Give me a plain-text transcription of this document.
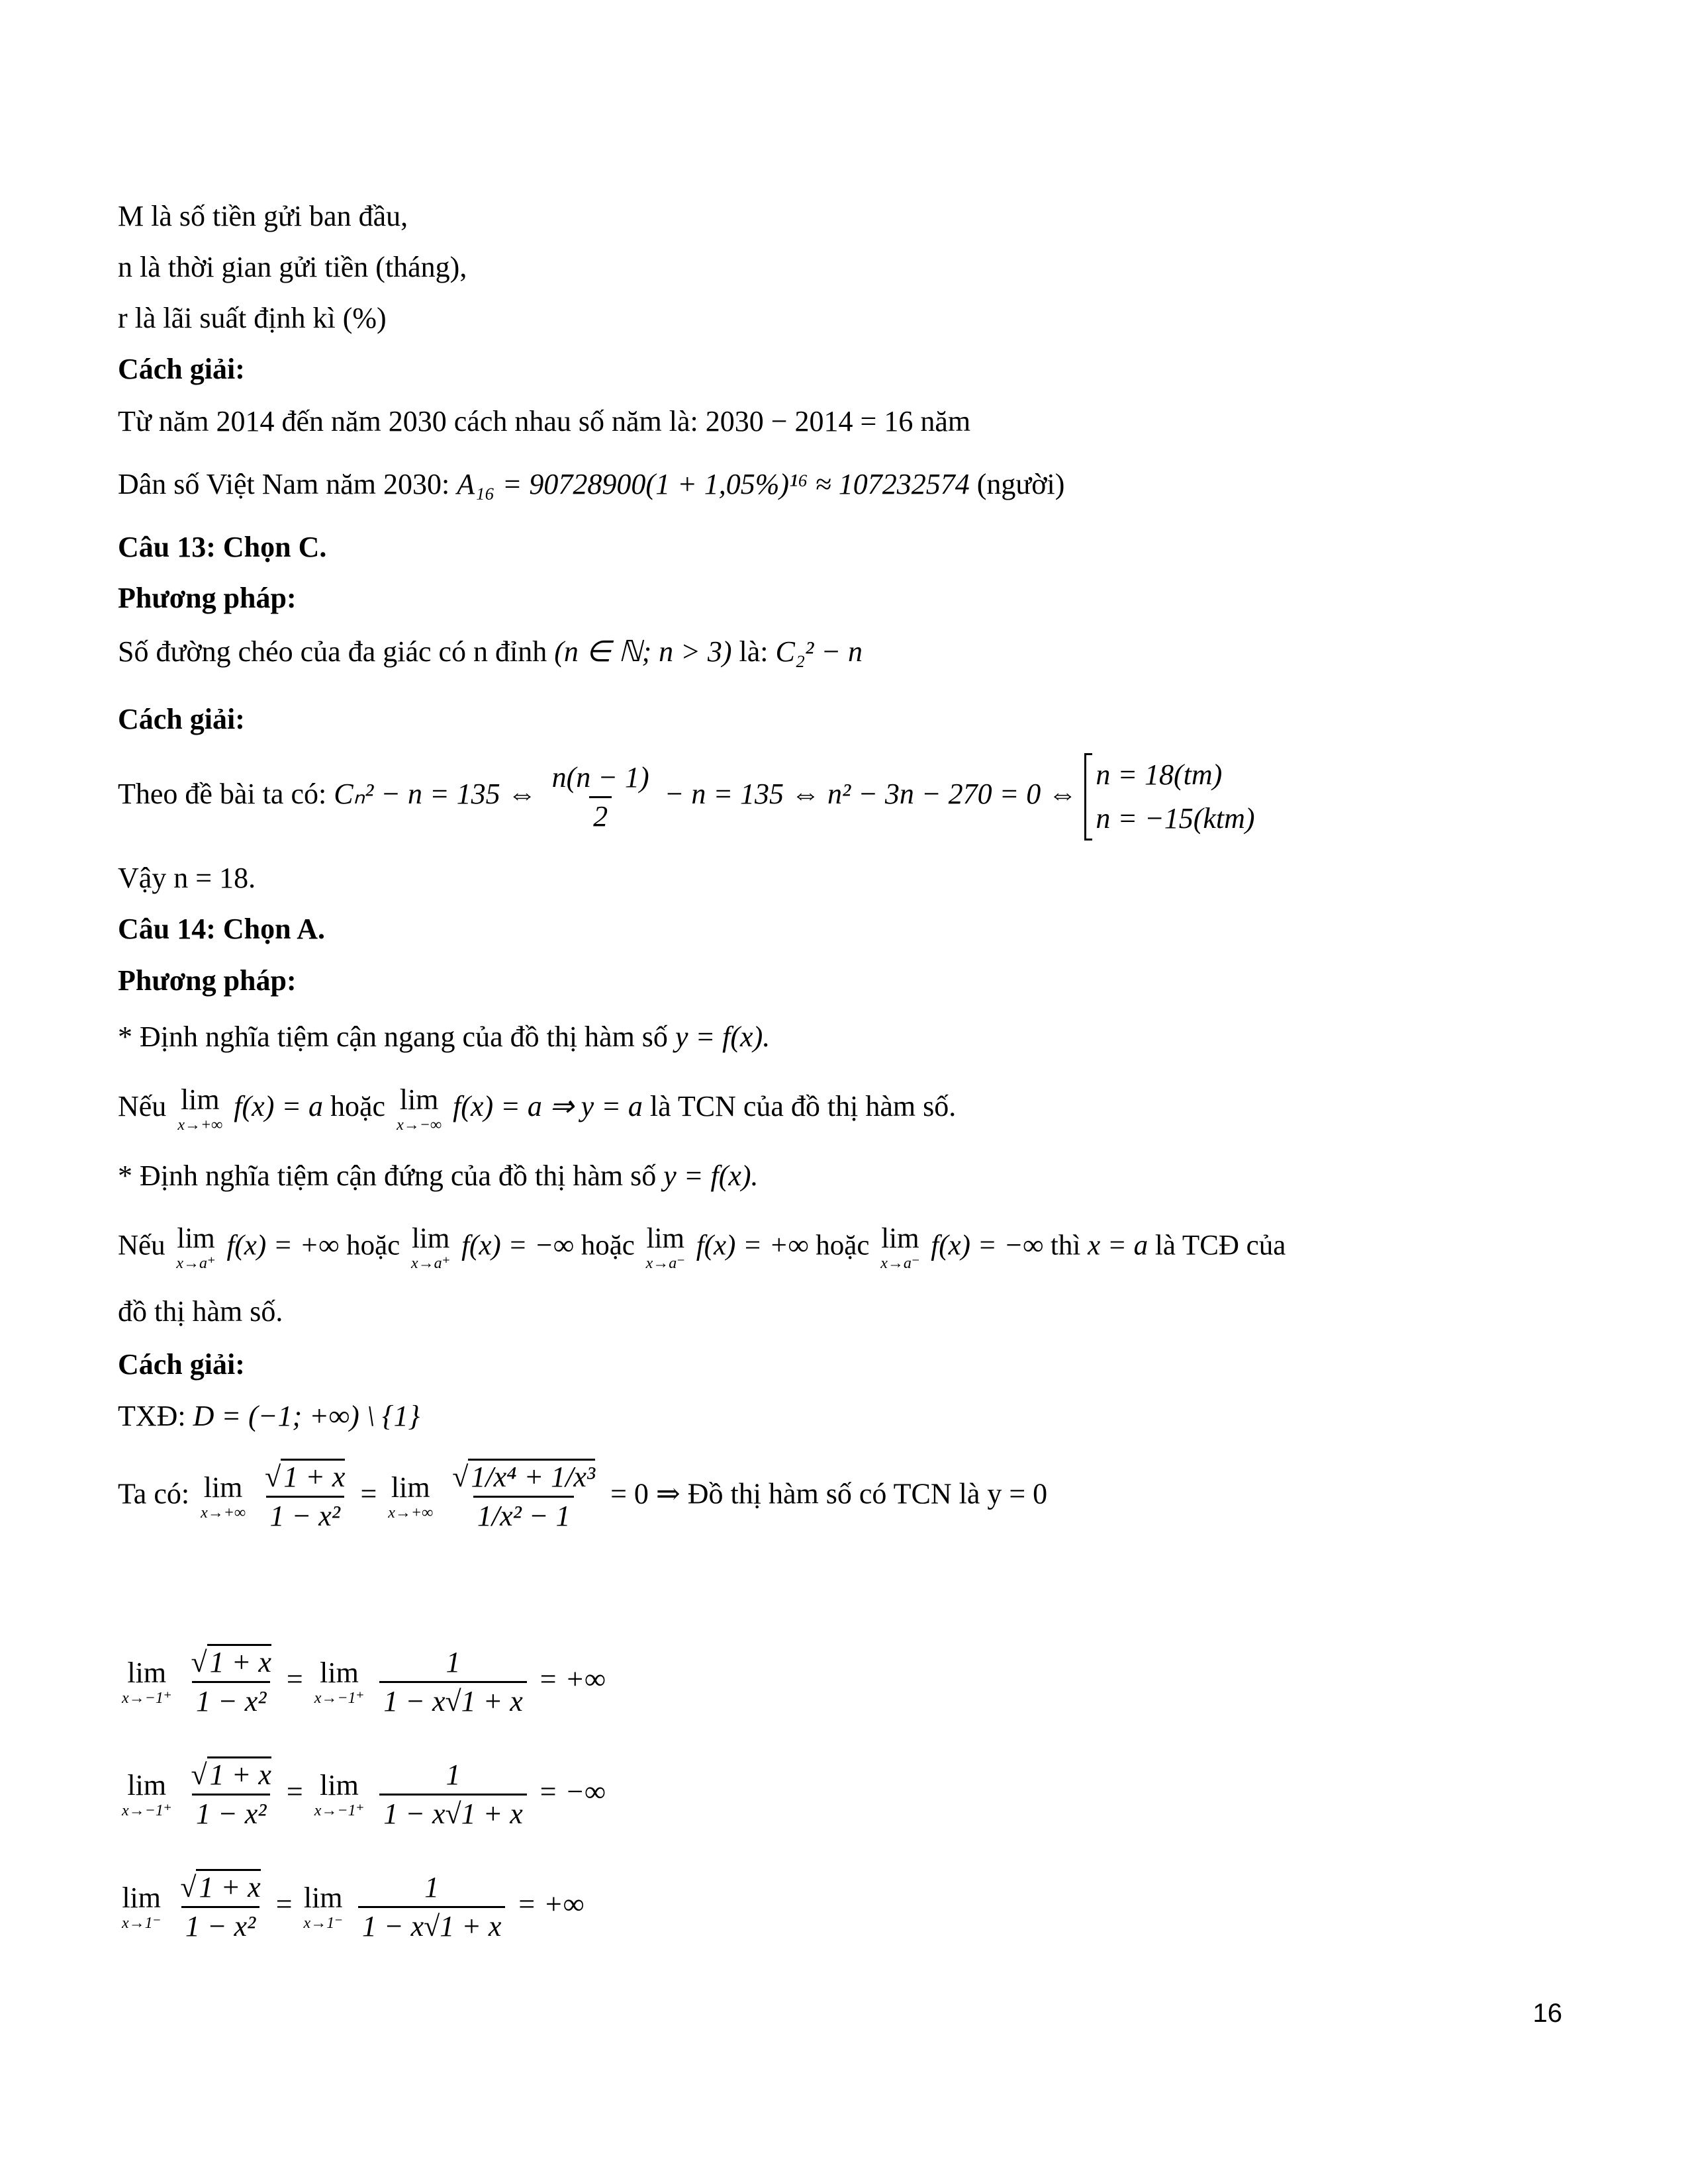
M là số tiền gửi ban đầu,
n là thời gian gửi tiền (tháng),
r là lãi suất định kì (%)
Cách giải:
Từ năm 2014 đến năm 2030 cách nhau số năm là: 2030 − 2014 = 16 năm
Dân số Việt Nam năm 2030: A₁₆ = 90728900(1 + 1,05%)¹⁶ ≈ 107232574 (người)
Câu 13: Chọn C.
Phương pháp:
Số đường chéo của đa giác có n đỉnh (n ∈ ℕ; n > 3) là: C₂² − n
Cách giải:
Theo đề bài ta có: Cₙ² − n = 135 ⇔ $\frac{n(n - 1)}{2} - n = 135$ ⇔ n² − 3n − 270 = 0 ⇔
n = 18(tm)
n = −15(ktm)
Vậy n = 18.
Câu 14: Chọn A.
Phương pháp:
* Định nghĩa tiệm cận ngang của đồ thị hàm số y = f(x).
Nếu lim
x→+∞
f(x) = a hoặc lim
x→−∞
f(x) = a ⇒ y = a là TCN của đồ thị hàm số.
* Định nghĩa tiệm cận đứng của đồ thị hàm số y = f(x).
Nếu lim
x→a⁺
f(x) = +∞ hoặc lim
x→a⁺
f(x) = −∞ hoặc lim
x→a⁻
f(x) = +∞ hoặc lim
x→a⁻
f(x) = −∞ thì x = a là TCĐ của
đồ thị hàm số.
Cách giải:
TXĐ: D = (−1; +∞) \ {1}
Ta có: lim
x→+∞
$\frac{√1 + x}{\text{1 − x²}} = \lim$
x→+∞
$\frac{\text{√1/x⁴ + 1/x³}}{\text{1/x² − 1}} = 0$ ⇒ Đồ thị hàm số có TCN là y = 0
lim
x→−1⁺
$\frac{√1 + x}{\text{1 − x²}} = \lim$
x→−1⁺
$\frac{1}{1 - x√1 + x}$ = +∞
lim
x→−1⁺
$\frac{√1 + x}{\text{1 − x²}} = \lim$
x→−1⁺
$\frac{1}{1 - x√1 + x}$ = −∞
lim
x→1⁻
$\frac{√1 + x}{\text{1 − x²}} = \lim$
x→1⁻
$\frac{1}{1 - x√1 + x}$ = +∞
16
